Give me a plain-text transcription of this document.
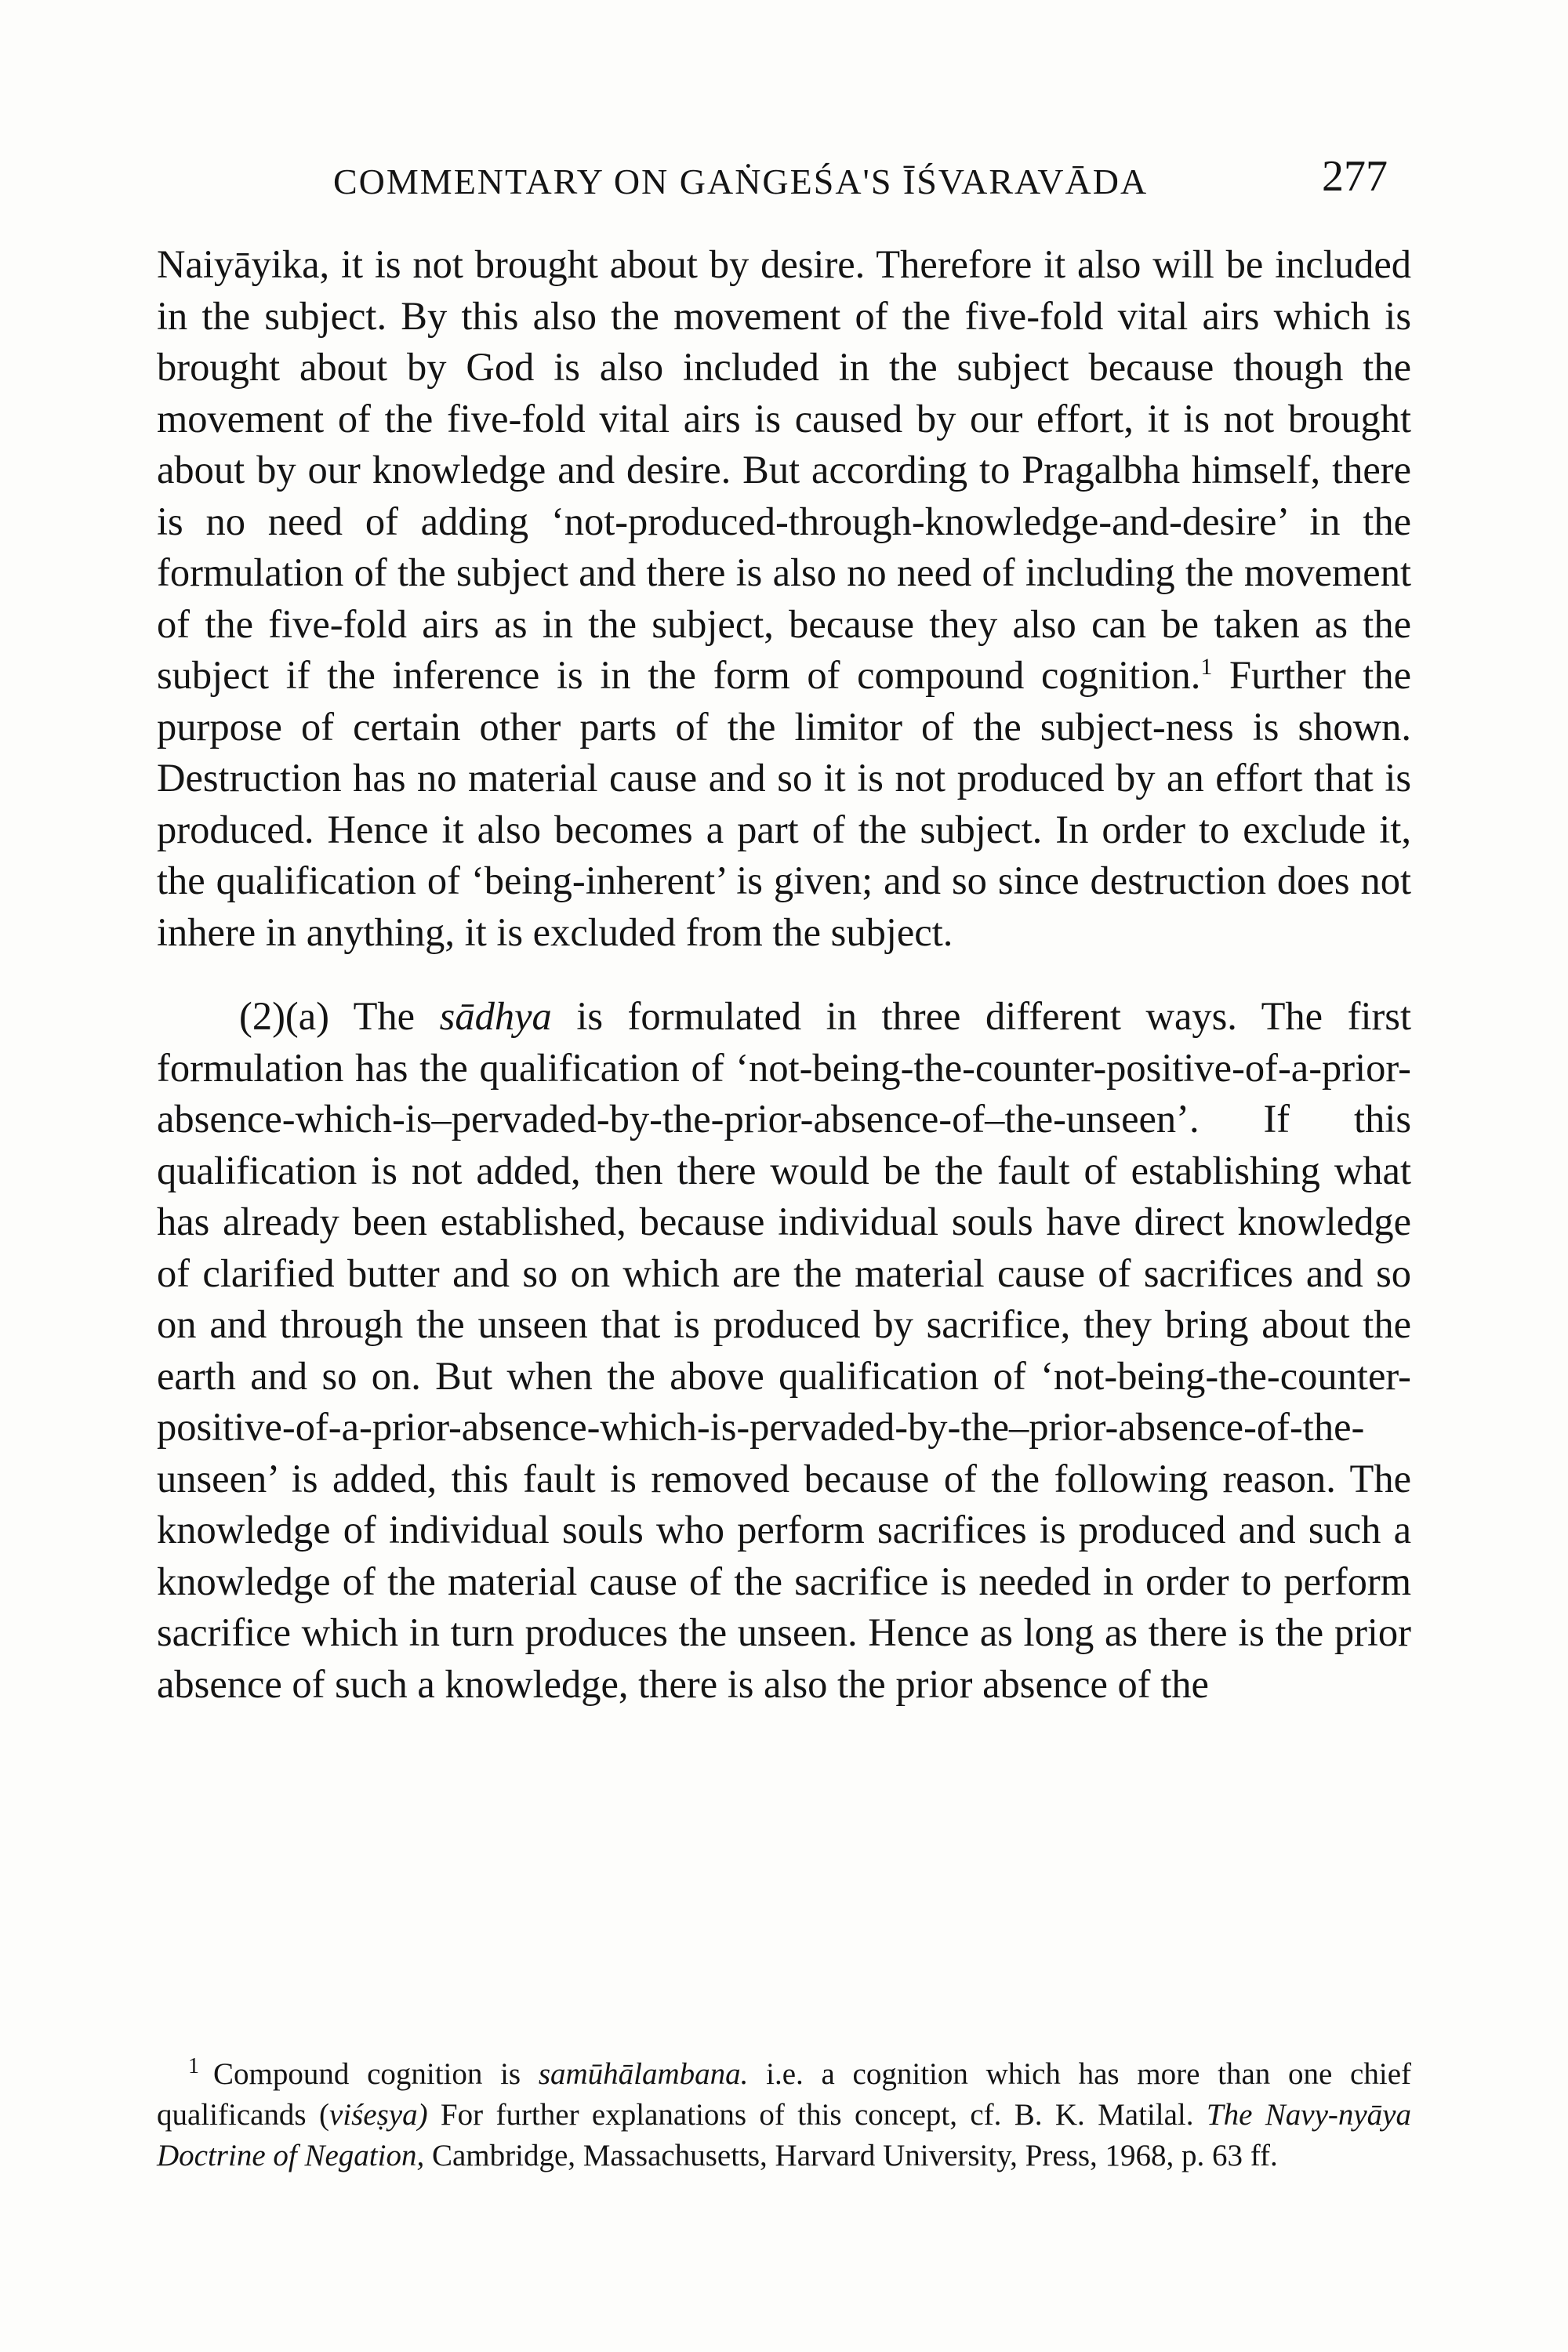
COMMENTARY ON GAṄGEŚA'S ĪŚVARAVĀDA	277

Naiyāyika, it is not brought about by desire. Therefore it also will be included in the subject. By this also the movement of the five-fold vital airs which is brought about by God is also included in the subject because though the movement of the five-fold vital airs is caused by our effort, it is not brought about by our knowledge and desire. But according to Pragalbha himself, there is no need of adding ‘not-produced-through-knowledge-and-desire’ in the formulation of the subject and there is also no need of including the movement of the five-fold airs as in the subject, because they also can be taken as the subject if the inference is in the form of compound cognition.$^1$ Further the purpose of certain other parts of the limitor of the subject-ness is shown. Destruction has no material cause and so it is not produced by an effort that is produced. Hence it also becomes a part of the subject. In order to exclude it, the qualification of ‘being-inherent’ is given; and so since destruction does not inhere in anything, it is excluded from the subject.

(2)(a) The sādhya is formulated in three different ways. The first formulation has the qualification of ‘not-being-the-counter-positive-of-a-prior-absence-which-is–pervaded-by-the-prior-absence-of–the-unseen’. If this qualification is not added, then there would be the fault of establishing what has already been established, because individual souls have direct knowledge of clarified butter and so on which are the material cause of sacrifices and so on and through the unseen that is produced by sacrifice, they bring about the earth and so on. But when the above qualification of ‘not-being-the-counter-positive-of-a-prior-absence-which-is-pervaded-by-the–prior-absence-of-the-unseen’ is added, this fault is removed because of the following reason. The knowledge of individual souls who perform sacrifices is produced and such a knowledge of the material cause of the sacrifice is needed in order to perform sacrifice which in turn produces the unseen. Hence as long as there is the prior absence of such a knowledge, there is also the prior absence of the

$^1$ Compound cognition is samūhālambana. i.e. a cognition which has more than one chief qualificands (viśeṣya) For further explanations of this concept, cf. B. K. Matilal. The Navy-nyāya Doctrine of Negation, Cambridge, Massachusetts, Harvard University, Press, 1968, p. 63 ff.
